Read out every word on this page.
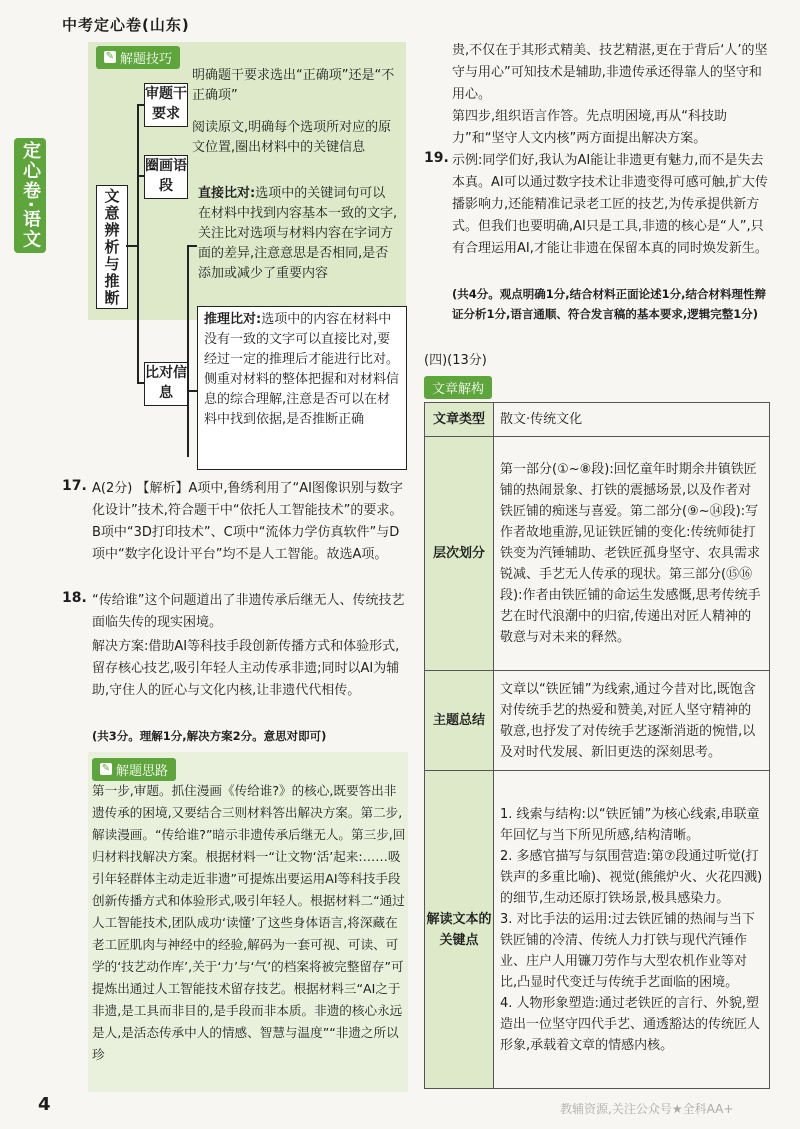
中考定心卷(山东)
定心卷·语文
✎ 解题技巧
文意辨析与推断
审题干要求
明确题干要求选出“正确项”还是“不正确项”
圈画语段
阅读原文,明确每个选项所对应的原文位置,圈出材料中的关键信息
比对信息
直接比对:选项中的关键词句可以在材料中找到内容基本一致的文字,关注比对选项与材料内容在字词方面的差异,注意意思是否相同,是否添加或减少了重要内容
推理比对:选项中的内容在材料中没有一致的文字可以直接比对,要经过一定的推理后才能进行比对。侧重对材料的整体把握和对材料信息的综合理解,注意是否可以在材料中找到依据,是否推断正确
17. A(2分) 【解析】A项中,鲁绣利用了“AI图像识别与数字化设计”技术,符合题干中“依托人工智能技术”的要求。B项中“3D打印技术”、C项中“流体力学仿真软件”与D项中“数字化设计平台”均不是人工智能。故选A项。
18. “传给谁”这个问题道出了非遗传承后继无人、传统技艺面临失传的现实困境。
解决方案:借助AI等科技手段创新传播方式和体验形式,留存核心技艺,吸引年轻人主动传承非遗;同时以AI为辅助,守住人的匠心与文化内核,让非遗代代相传。
(共3分。理解1分,解决方案2分。意思对即可)
✎ 解题思路
第一步,审题。抓住漫画《传给谁?》的核心,既要答出非遗传承的困境,又要结合三则材料答出解决方案。第二步,解读漫画。“传给谁?”暗示非遗传承后继无人。第三步,回归材料找解决方案。根据材料一“让文物‘活’起来:……吸引年轻群体主动走近非遗”可提炼出要运用AI等科技手段创新传播方式和体验形式,吸引年轻人。根据材料二“通过人工智能技术,团队成功‘读懂’了这些身体语言,将深藏在老工匠肌肉与神经中的经验,解码为一套可视、可读、可学的‘技艺动作库’,关于‘力’与‘气’的档案将被完整留存”可提炼出通过人工智能技术留存技艺。根据材料三“AI之于非遗,是工具而非目的,是手段而非本质。非遗的核心永远是人,是活态传承中人的情感、智慧与温度”“非遗之所以珍
贵,不仅在于其形式精美、技艺精湛,更在于背后‘人’的坚守与用心”可知技术是辅助,非遗传承还得靠人的坚守和用心。
第四步,组织语言作答。先点明困境,再从“科技助力”和“坚守人文内核”两方面提出解决方案。
19. 示例:同学们好,我认为AI能让非遗更有魅力,而不是失去本真。AI可以通过数字技术让非遗变得可感可触,扩大传播影响力,还能精准记录老工匠的技艺,为传承提供新方式。但我们也要明确,AI只是工具,非遗的核心是“人”,只有合理运用AI,才能让非遗在保留本真的同时焕发新生。
(共4分。观点明确1分,结合材料正面论述1分,结合材料理性辩证分析1分,语言通顺、符合发言稿的基本要求,逻辑完整1分)
(四)(13分)
文章解构
文章类型	散文·传统文化
层次划分	第一部分(①~⑧段):回忆童年时期余井镇铁匠铺的热闹景象、打铁的震撼场景,以及作者对铁匠铺的痴迷与喜爱。第二部分(⑨~⑭段):写作者故地重游,见证铁匠铺的变化:传统师徒打铁变为汽锤辅助、老铁匠孤身坚守、农具需求锐减、手艺无人传承的现状。第三部分(⑮⑯段):作者由铁匠铺的命运生发感慨,思考传统手艺在时代浪潮中的归宿,传递出对匠人精神的敬意与对未来的释然。
主题总结	文章以“铁匠铺”为线索,通过今昔对比,既饱含对传统手艺的热爱和赞美,对匠人坚守精神的敬意,也抒发了对传统手艺逐渐消逝的惋惜,以及对时代发展、新旧更迭的深刻思考。
解读文本的关键点	1. 线索与结构:以“铁匠铺”为核心线索,串联童年回忆与当下所见所感,结构清晰。
2. 多感官描写与氛围营造:第⑦段通过听觉(打铁声的多重比喻)、视觉(熊熊炉火、火花四溅)的细节,生动还原打铁场景,极具感染力。
3. 对比手法的运用:过去铁匠铺的热闹与当下铁匠铺的冷清、传统人力打铁与现代汽锤作业、庄户人用镰刀劳作与大型农机作业等对比,凸显时代变迁与传统手艺面临的困境。
4. 人物形象塑造:通过老铁匠的言行、外貌,塑造出一位坚守四代手艺、通透豁达的传统匠人形象,承载着文章的情感内核。
4	教辅资源,关注公众号★全科AA+
